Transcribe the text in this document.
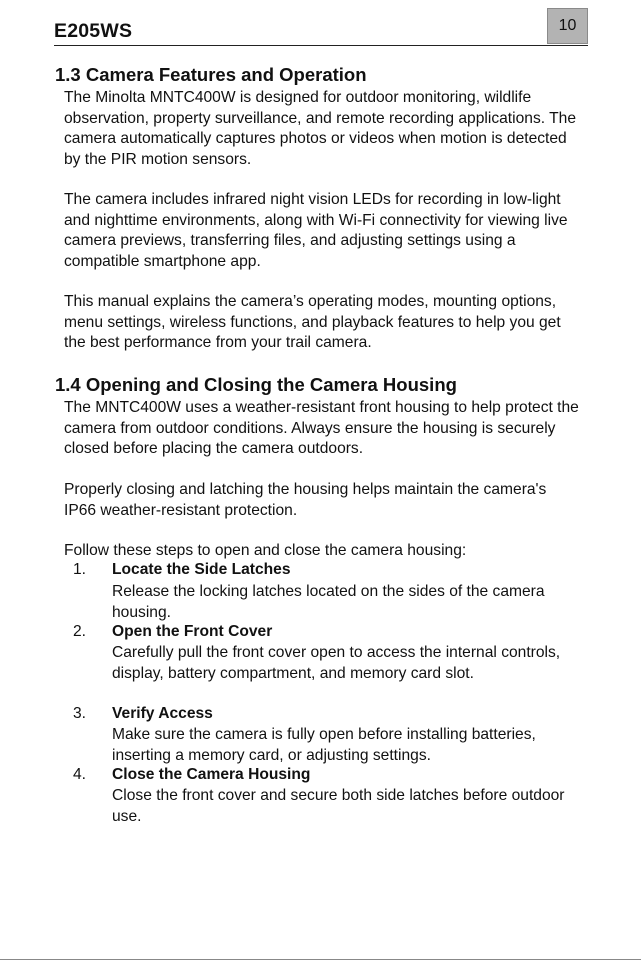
E205WS	10
1.3 Camera Features and Operation
The Minolta MNTC400W is designed for outdoor monitoring, wildlife observation, property surveillance, and remote recording applications. The camera automatically captures photos or videos when motion is detected by the PIR motion sensors.
The camera includes infrared night vision LEDs for recording in low-light and nighttime environments, along with Wi-Fi connectivity for viewing live camera previews, transferring files, and adjusting settings using a compatible smartphone app.
This manual explains the camera’s operating modes, mounting options, menu settings, wireless functions, and playback features to help you get the best performance from your trail camera.
1.4 Opening and Closing the Camera Housing
The MNTC400W uses a weather-resistant front housing to help protect the camera from outdoor conditions. Always ensure the housing is securely closed before placing the camera outdoors.
Properly closing and latching the housing helps maintain the camera's IP66 weather-resistant protection.
Follow these steps to open and close the camera housing:
1. Locate the Side Latches
Release the locking latches located on the sides of the camera housing.
2. Open the Front Cover
Carefully pull the front cover open to access the internal controls, display, battery compartment, and memory card slot.
3. Verify Access
Make sure the camera is fully open before installing batteries, inserting a memory card, or adjusting settings.
4. Close the Camera Housing
Close the front cover and secure both side latches before outdoor use.
